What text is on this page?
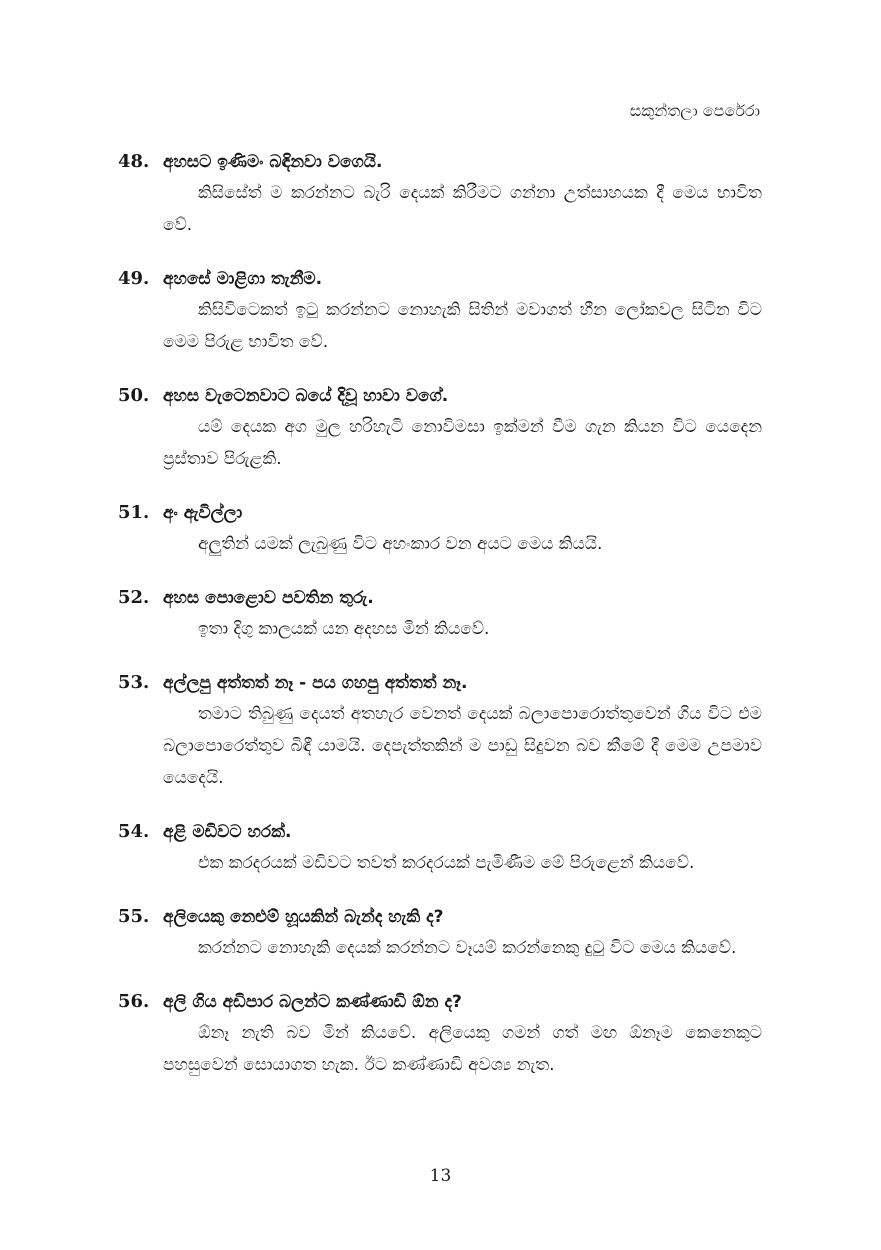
සකුන්තලා පෙරේරා
48. අහසට ඉණිමං බඳිනවා වගෙයි.
කිසිසේත් ම කරන්නට බැරි දෙයක් කිරීමට ගන්නා උත්සාහයක දී මෙය භාවිත වේ.
49. අහසේ මාළිගා තැනීම.
කිසිවිටෙකත් ඉටු කරන්නට නොහැකි සිතින් මවාගත් හීන ලෝකවල සිටින විට මෙම පිරුළ භාවිත වේ.
50. අහස වැටෙනවාට බයේ දිවූ හාවා වගේ.
යම් දෙයක අග මුල හරිහැටි නොවිමසා ඉක්මන් වීම ගැන කියන විට යෙදෙන ප්‍රස්තාව පිරුළකි.
51. අං ඇවිල්ලා
අලුතින් යමක් ලැබුණු විට අහංකාර වන අයට මෙය කියයි.
52. අහස පොළොව පවතින තුරු.
ඉතා දිගු කාලයක් යන අදහස මින් කියවේ.
53. අල්ලපු අත්තත් නෑ - පය ගහපු අත්තත් නෑ.
තමාට තිබුණු දෙයත් අතහැර වෙනත් දෙයක් බලාපොරොත්තුවෙන් ගිය විට එම බලාපොරෙත්තුව බිඳී යාමයි. දෙපැත්තකින් ම පාඩු සිදුවන බව කීමේ දී මෙම උපමාව යෙදෙයි.
54. අළි මඩිවට හරක්.
එක කරදරයක් මඩිවට තවත් කරදරයක් පැමිණීම මේ පිරුළෙන් කියවේ.
55. අලියෙකු නෙළුම් හූයකින් බැන්ද හැකි ද?
කරන්නට නොහැකි දෙයක් කරන්නට වෑයම් කරන්නෙකු දුටු විට මෙය කියවේ.
56. අලි ගිය අඩිපාර බලන්ට කණ්ණාඩි ඕන ද?
ඕනෑ නැති බව මින් කියවේ. අලියෙකු ගමන් ගත් මඟ ඕනෑම කෙනෙකුට පහසුවෙන් සොයාගත හැක. ඊට කණ්ණාඩි අවශ්‍ය නැත.
13
